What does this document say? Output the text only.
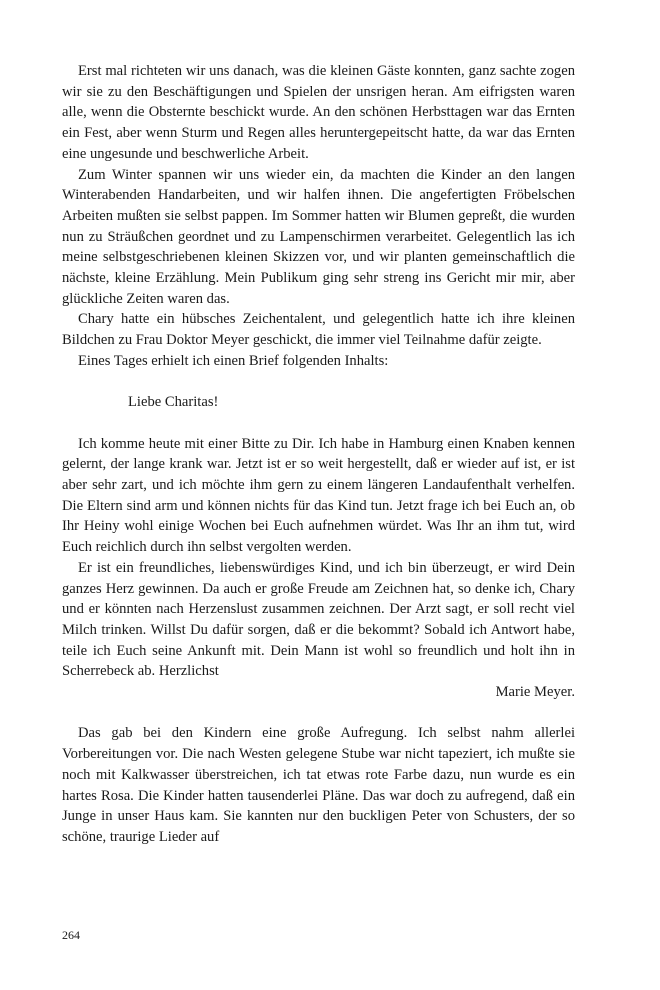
Erst mal richteten wir uns danach, was die kleinen Gäste konnten, ganz sachte zogen wir sie zu den Beschäftigungen und Spielen der unsrigen heran. Am eifrigsten waren alle, wenn die Obsternte beschickt wurde. An den schönen Herbsttagen war das Ernten ein Fest, aber wenn Sturm und Regen alles heruntergepeitscht hatte, da war das Ernten eine ungesunde und beschwerliche Arbeit.

Zum Winter spannen wir uns wieder ein, da machten die Kinder an den langen Winterabenden Handarbeiten, und wir halfen ihnen. Die angefertigten Fröbelschen Arbeiten mußten sie selbst pappen. Im Sommer hatten wir Blumen gepreßt, die wurden nun zu Sträußchen geordnet und zu Lampenschirmen verarbeitet. Gelegentlich las ich meine selbstgeschriebenen kleinen Skizzen vor, und wir planten gemeinschaftlich die nächste, kleine Erzählung. Mein Publikum ging sehr streng ins Gericht mir mir, aber glückliche Zeiten waren das.

Chary hatte ein hübsches Zeichentalent, und gelegentlich hatte ich ihre kleinen Bildchen zu Frau Doktor Meyer geschickt, die immer viel Teilnahme dafür zeigte.

Eines Tages erhielt ich einen Brief folgenden Inhalts:

Liebe Charitas!

Ich komme heute mit einer Bitte zu Dir. Ich habe in Hamburg einen Knaben kennen gelernt, der lange krank war. Jetzt ist er so weit hergestellt, daß er wieder auf ist, er ist aber sehr zart, und ich möchte ihm gern zu einem längeren Landaufenthalt verhelfen. Die Eltern sind arm und können nichts für das Kind tun. Jetzt frage ich bei Euch an, ob Ihr Heiny wohl einige Wochen bei Euch aufnehmen würdet. Was Ihr an ihm tut, wird Euch reichlich durch ihn selbst vergolten werden.

Er ist ein freundliches, liebenswürdiges Kind, und ich bin überzeugt, er wird Dein ganzes Herz gewinnen. Da auch er große Freude am Zeichnen hat, so denke ich, Chary und er könnten nach Herzenslust zusammen zeichnen. Der Arzt sagt, er soll recht viel Milch trinken. Willst Du dafür sorgen, daß er die bekommt? Sobald ich Antwort habe, teile ich Euch seine Ankunft mit. Dein Mann ist wohl so freundlich und holt ihn in Scherrebeck ab. Herzlichst

Marie Meyer.

Das gab bei den Kindern eine große Aufregung. Ich selbst nahm allerlei Vorbereitungen vor. Die nach Westen gelegene Stube war nicht tapeziert, ich mußte sie noch mit Kalkwasser überstreichen, ich tat etwas rote Farbe dazu, nun wurde es ein hartes Rosa. Die Kinder hatten tausenderlei Pläne. Das war doch zu aufregend, daß ein Junge in unser Haus kam. Sie kannten nur den buckligen Peter von Schusters, der so schöne, traurige Lieder auf

264
